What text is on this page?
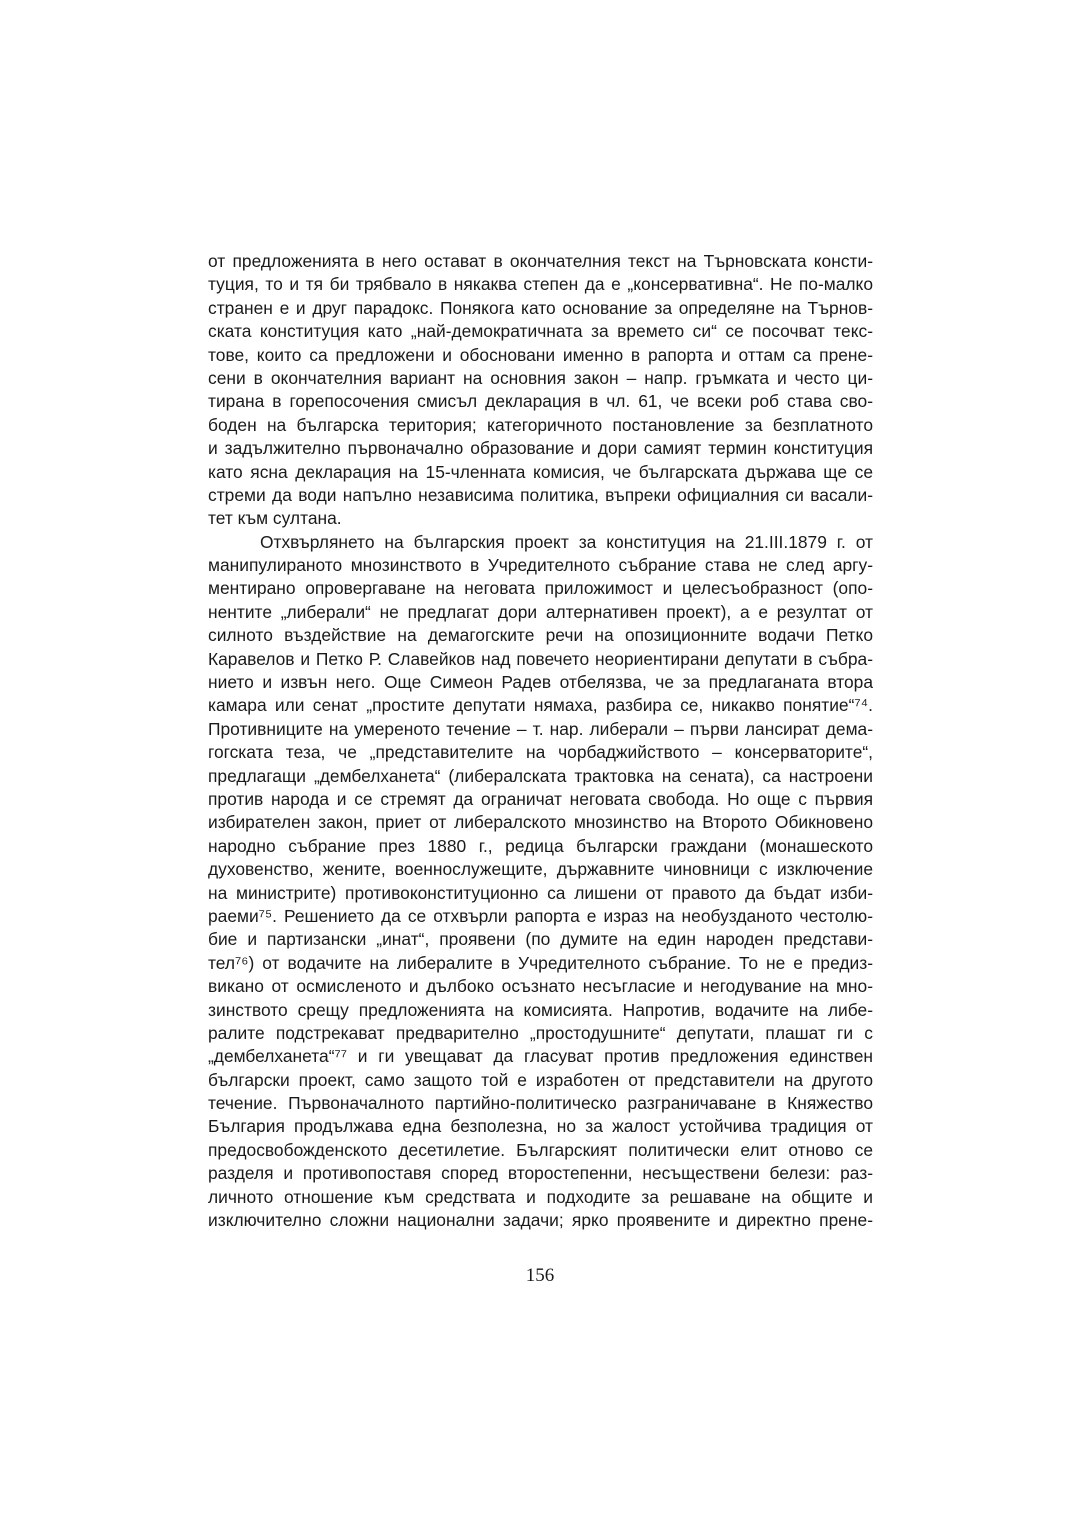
от предложенията в него остават в окончателния текст на Търновската консти-
туция, то и тя би трябвало в някаква степен да е „консервативна“. Не по-малко
странен е и друг парадокс. Понякога като основание за определяне на Търнов-
ската конституция като „най-демократичната за времето си“ се посочват текс-
тове, които са предложени и обосновани именно в рапорта и оттам са прене-
сени в окончателния вариант на основния закон – напр. гръмката и често ци-
тирана в горепосочения смисъл декларация в чл. 61, че всеки роб става сво-
боден на българска територия; категоричното постановление за безплатното
и задължително първоначално образование и дори самият термин конституция
като ясна декларация на 15-членната комисия, че българската държава ще се
стреми да води напълно независима политика, въпреки официалния си васали-
тет към султана.
Отхвърлянето на българския проект за конституция на 21.III.1879 г. от
манипулираното мнозинството в Учредителното събрание става не след аргу-
ментирано опровергаване на неговата приложимост и целесъобразност (опо-
нентите „либерали“ не предлагат дори алтернативен проект), а е резултат от
силното въздействие на демагогските речи на опозиционните водачи Петко
Каравелов и Петко Р. Славейков над повечето неориентирани депутати в събра-
нието и извън него. Още Симеон Радев отбелязва, че за предлаганата втора
камара или сенат „простите депутати нямаха, разбира се, никакво понятие“⁷⁴.
Противниците на умереното течение – т. нар. либерали – първи лансират дема-
гогската теза, че „представителите на чорбаджийството – консерваторите“,
предлагащи „дембелханета“ (либералската трактовка на сената), са настроени
против народа и се стремят да ограничат неговата свобода. Но още с първия
избирателен закон, приет от либералското мнозинство на Второто Обикновено
народно събрание през 1880 г., редица български граждани (монашеското
духовенство, жените, военнослужещите, държавните чиновници с изключение
на министрите) противоконституционно са лишени от правото да бъдат изби-
раеми⁷⁵. Решението да се отхвърли рапорта е израз на необузданото честолю-
бие и партизански „инат“, проявени (по думите на един народен представи-
тел⁷⁶) от водачите на либералите в Учредителното събрание. То не е предиз-
викано от осмисленото и дълбоко осъзнато несъгласие и негодувание на мно-
зинството срещу предложенията на комисията. Напротив, водачите на либе-
ралите подстрекават предварително „простодушните“ депутати, плашат ги с
„дембелханета“⁷⁷ и ги увещават да гласуват против предложения единствен
български проект, само защото той е изработен от представители на другото
течение. Първоначалното партийно-политическо разграничаване в Княжество
България продължава една безполезна, но за жалост устойчива традиция от
предосвобожденското десетилетие. Българският политически елит отново се
разделя и противопоставя според второстепенни, несъществени белези: раз-
личното отношение към средствата и подходите за решаване на общите и
изключително сложни национални задачи; ярко проявените и директно прене-
156
